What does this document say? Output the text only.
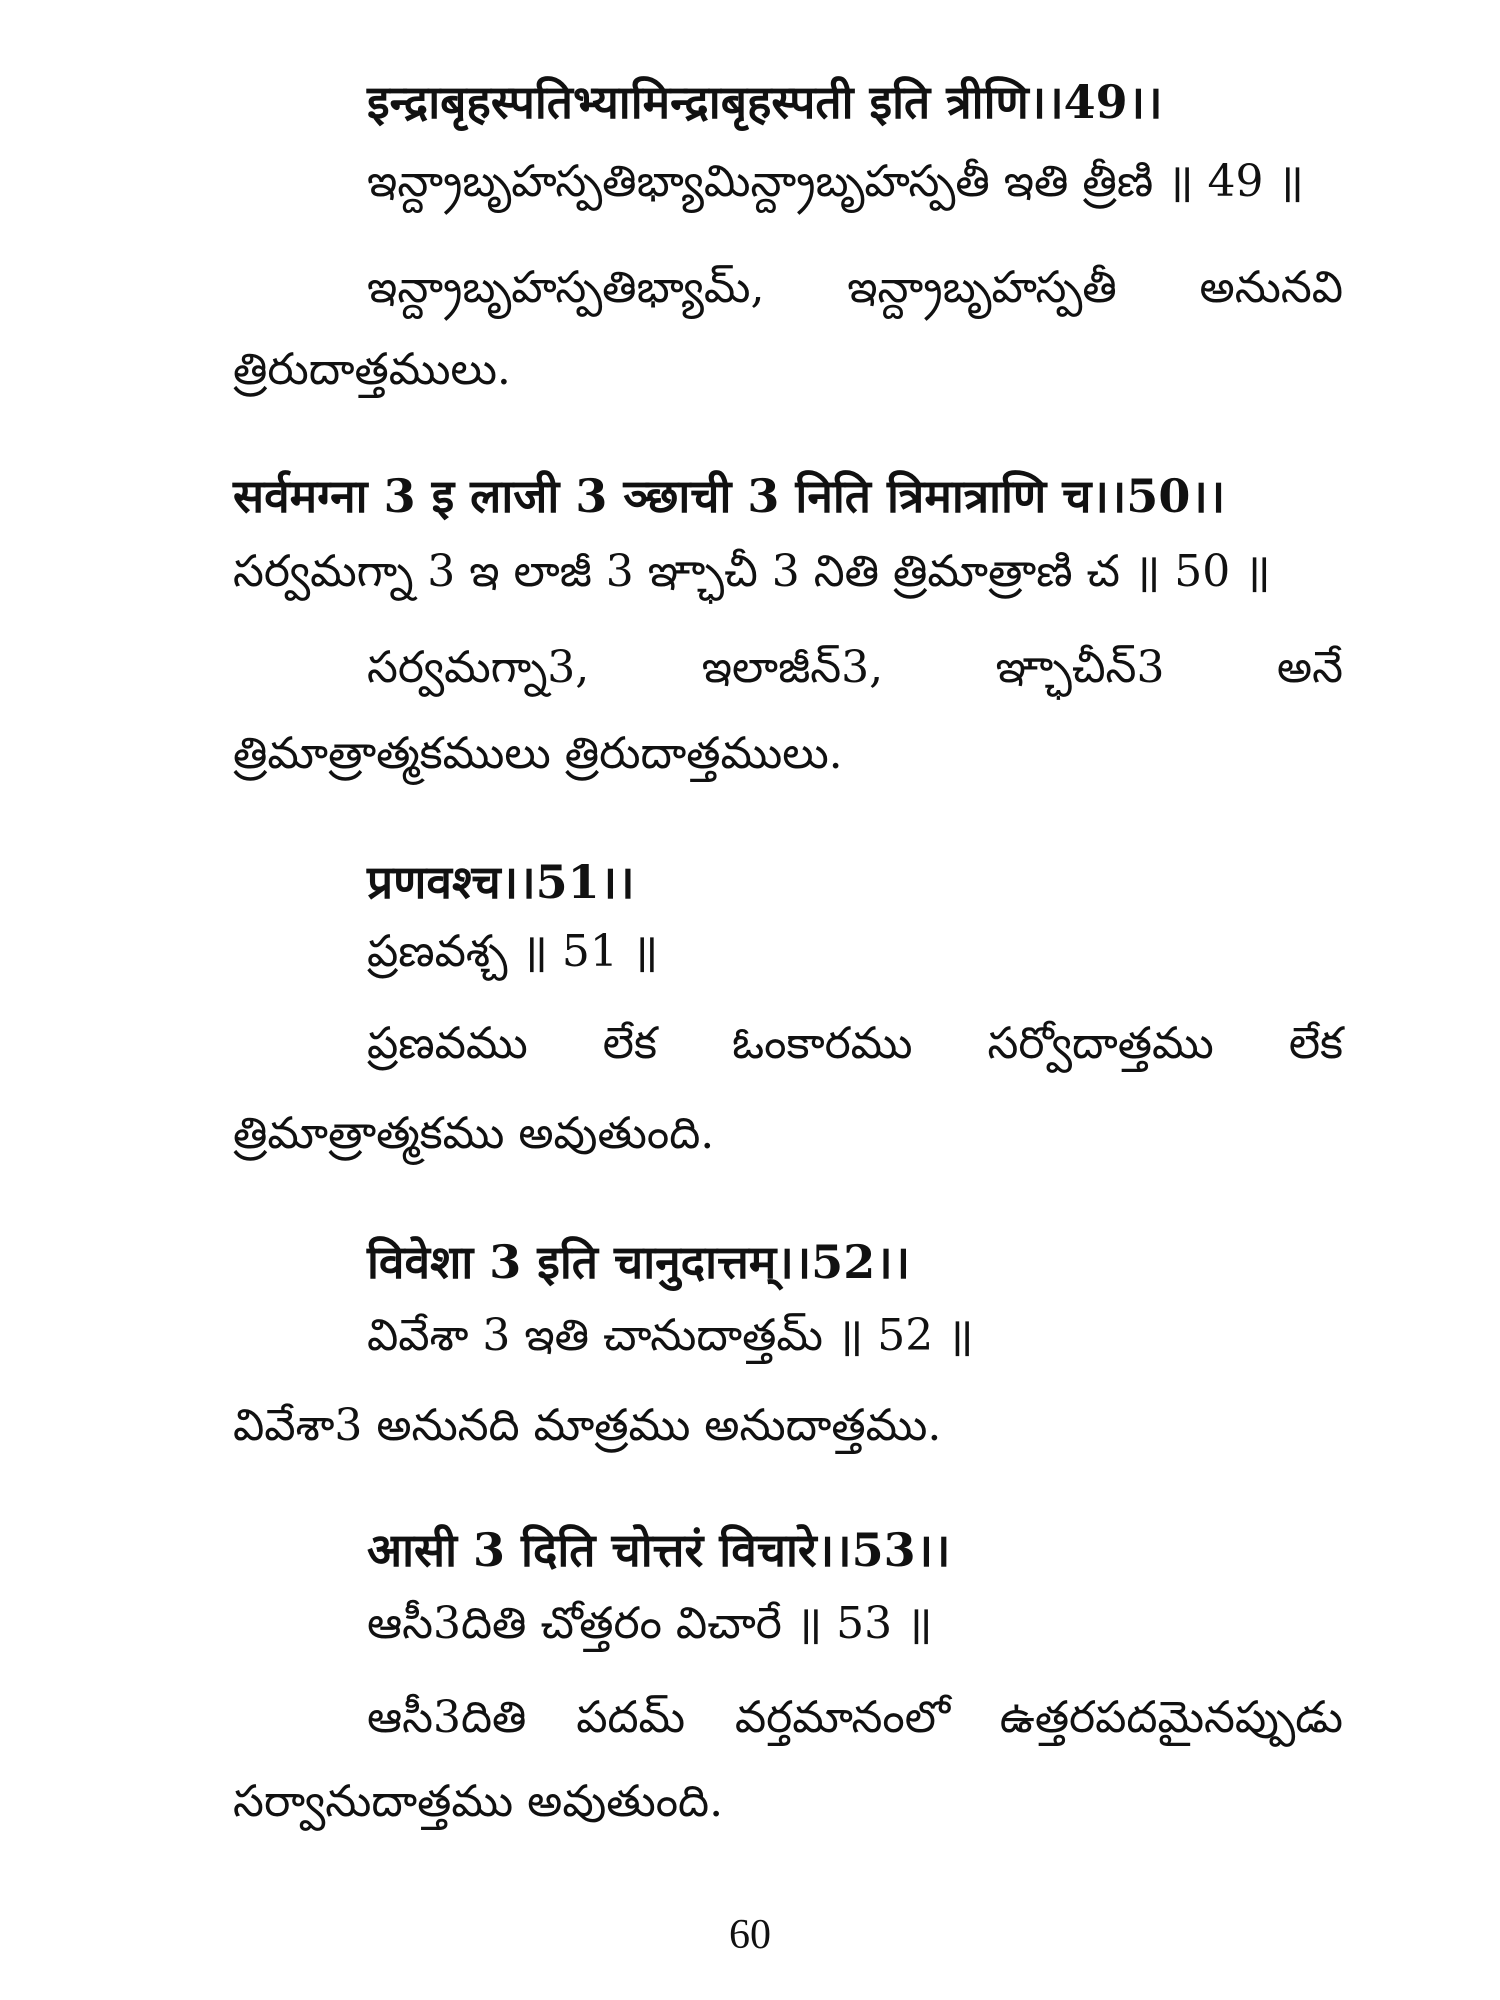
इन्द्राबृहस्पतिभ्यामिन्द्राबृहस्पती इति त्रीणि।।49।।
ఇన్ద్రాబృహస్పతిభ్యామిన్ద్రాబృహస్పతీ ఇతి త్రీణి ॥ 49 ॥
ఇన్ద్రాబృహస్పతిభ్యామ్, ఇన్ద్రాబృహస్పతీ అనునవి
త్రిరుదాత్తములు.
सर्वमग्ना 3 इ लाजी 3 ञ्छाची 3 निति त्रिमात्राणि च।।50।।
సర్వమగ్నా 3 ఇ లాజీ 3 ఞ్ఛాచీ 3 నితి త్రిమాత్రాణి చ ॥ 50 ॥
సర్వమగ్నా3,	ఇలాజీన్3,	ఞ్ఛాచీన్3	అనే
త్రిమాత్రాత్మకములు త్రిరుదాత్తములు.
प्रणवश्च।।51।।
ప్రణవశ్చ ॥ 51 ॥
ప్రణవము లేక ఓంకారము సర్వోదాత్తము లేక
త్రిమాత్రాత్మకము అవుతుంది.
विवेशा 3 इति चानुदात्तम्।।52।।
వివేశా 3 ఇతి చానుదాత్తమ్ ॥ 52 ॥
వివేశా3 అనునది మాత్రము అనుదాత్తము.
आसी 3 दिति चोत्तरं विचारे।।53।।
ఆసీ3దితి చోత్తరం విచారే ॥ 53 ॥
ఆసీ3దితి పదమ్ వర్తమానంలో ఉత్తరపదమైనప్పుడు
సర్వానుదాత్తము అవుతుంది.
60
